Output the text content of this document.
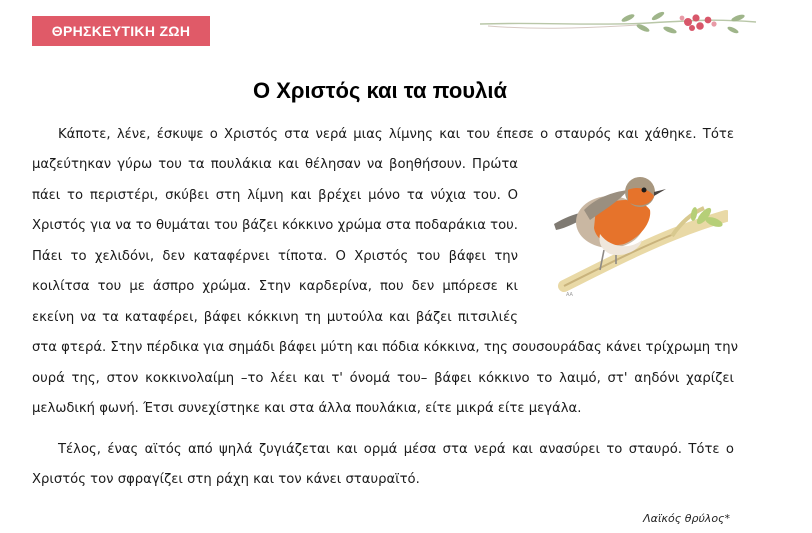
ΘΡΗΣΚΕΥΤΙΚΗ ΖΩΗ
Ο Χριστός και τα πουλιά
Κάποτε, λένε, έσκυψε ο Χριστός στα νερά μιας λίμνης και του έπεσε ο σταυρός και χάθηκε. Τότε
μαζεύτηκαν γύρω του τα πουλάκια και θέλησαν να βοηθήσουν. Πρώτα
πάει το περιστέρι, σκύβει στη λίμνη και βρέχει μόνο τα νύχια του. Ο
Χριστός για να το θυμάται του βάζει κόκκινο χρώμα στα ποδαράκια του.
Πάει το χελιδόνι, δεν καταφέρνει τίποτα. Ο Χριστός του βάφει την
κοιλίτσα του με άσπρο χρώμα. Στην καρδερίνα, που δεν μπόρεσε κι
εκείνη να τα καταφέρει, βάφει κόκκινη τη μυτούλα και βάζει πιτσιλιές
στα φτερά. Στην πέρδικα για σημάδι βάφει μύτη και πόδια κόκκινα, της σουσουράδας κάνει τρίχρωμη την
ουρά της, στον κοκκινολαίμη –το λέει και τ' όνομά του– βάφει κόκκινο το λαιμό, στ' αηδόνι χαρίζει
μελωδική φωνή. Έτσι συνεχίστηκε και στα άλλα πουλάκια, είτε μικρά είτε μεγάλα.
Τέλος, ένας αϊτός από ψηλά ζυγιάζεται και ορμά μέσα στα νερά και ανασύρει το σταυρό. Τότε ο
Χριστός τον σφραγίζει στη ράχη και τον κάνει σταυραϊτό.
AA
Λαϊκός θρύλος*
